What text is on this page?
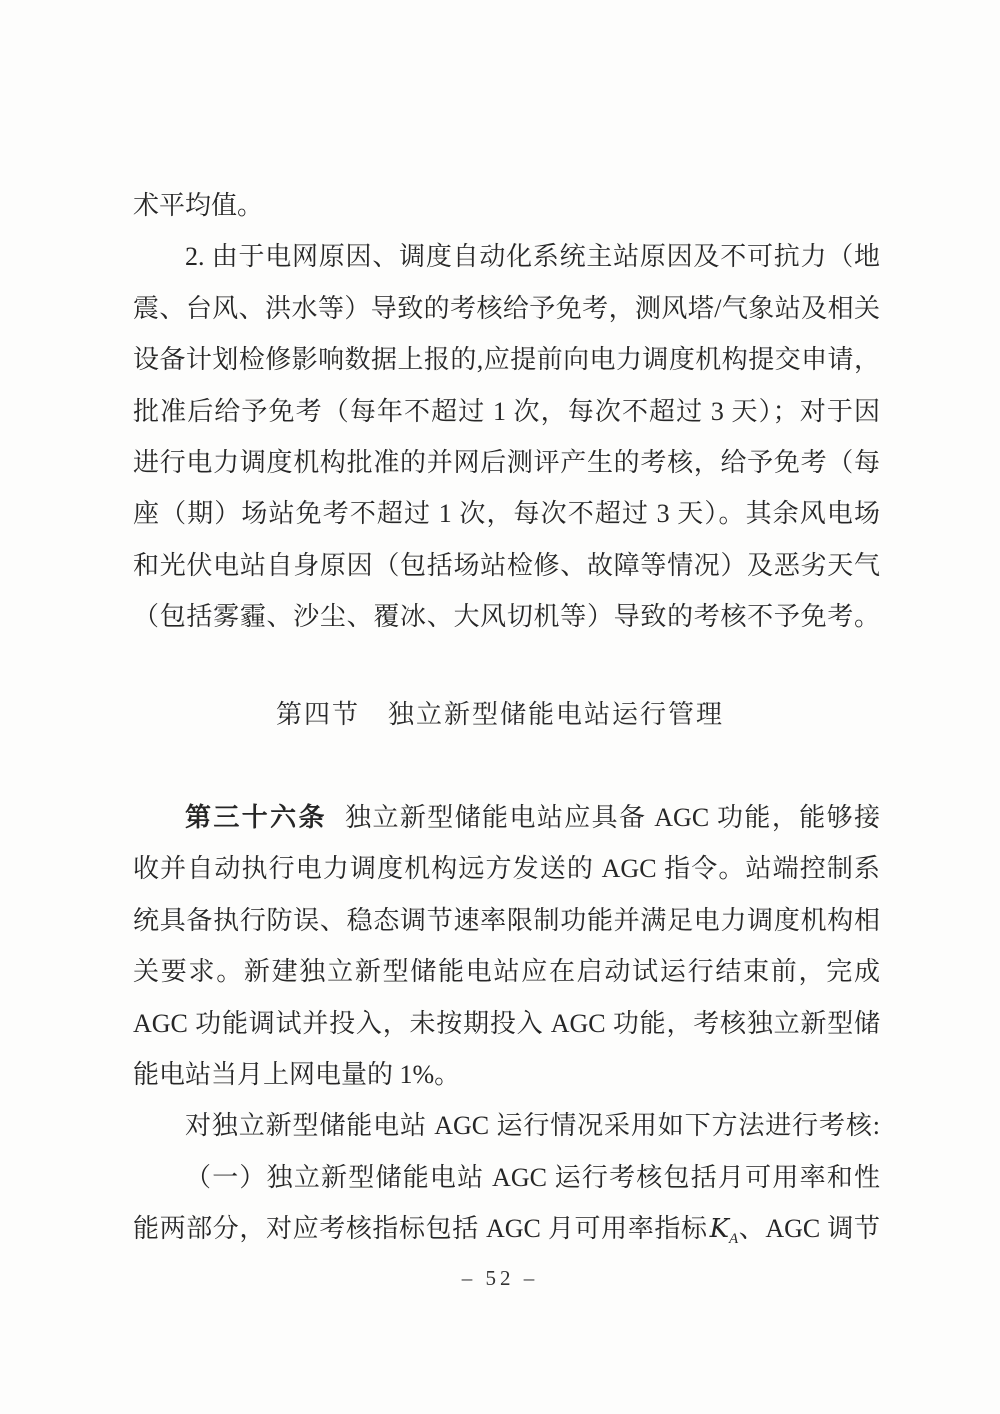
术平均值。
2. 由于电网原因、调度自动化系统主站原因及不可抗力（地
震、台风、洪水等）导致的考核给予免考，测风塔/气象站及相关
设备计划检修影响数据上报的,应提前向电力调度机构提交申请，
批准后给予免考（每年不超过 1 次，每次不超过 3 天）；对于因
进行电力调度机构批准的并网后测评产生的考核，给予免考（每
座（期）场站免考不超过 1 次，每次不超过 3 天）。其余风电场
和光伏电站自身原因（包括场站检修、故障等情况）及恶劣天气
（包括雾霾、沙尘、覆冰、大风切机等）导致的考核不予免考。
第四节　独立新型储能电站运行管理
第三十六条 独立新型储能电站应具备 AGC 功能，能够接
收并自动执行电力调度机构远方发送的 AGC 指令。站端控制系
统具备执行防误、稳态调节速率限制功能并满足电力调度机构相
关要求。新建独立新型储能电站应在启动试运行结束前，完成
AGC 功能调试并投入，未按期投入 AGC 功能，考核独立新型储
能电站当月上网电量的 1%。
对独立新型储能电站 AGC 运行情况采用如下方法进行考核:
（一）独立新型储能电站 AGC 运行考核包括月可用率和性
能两部分，对应考核指标包括 AGC 月可用率指标$K_A$、AGC 调节
– 52 –
